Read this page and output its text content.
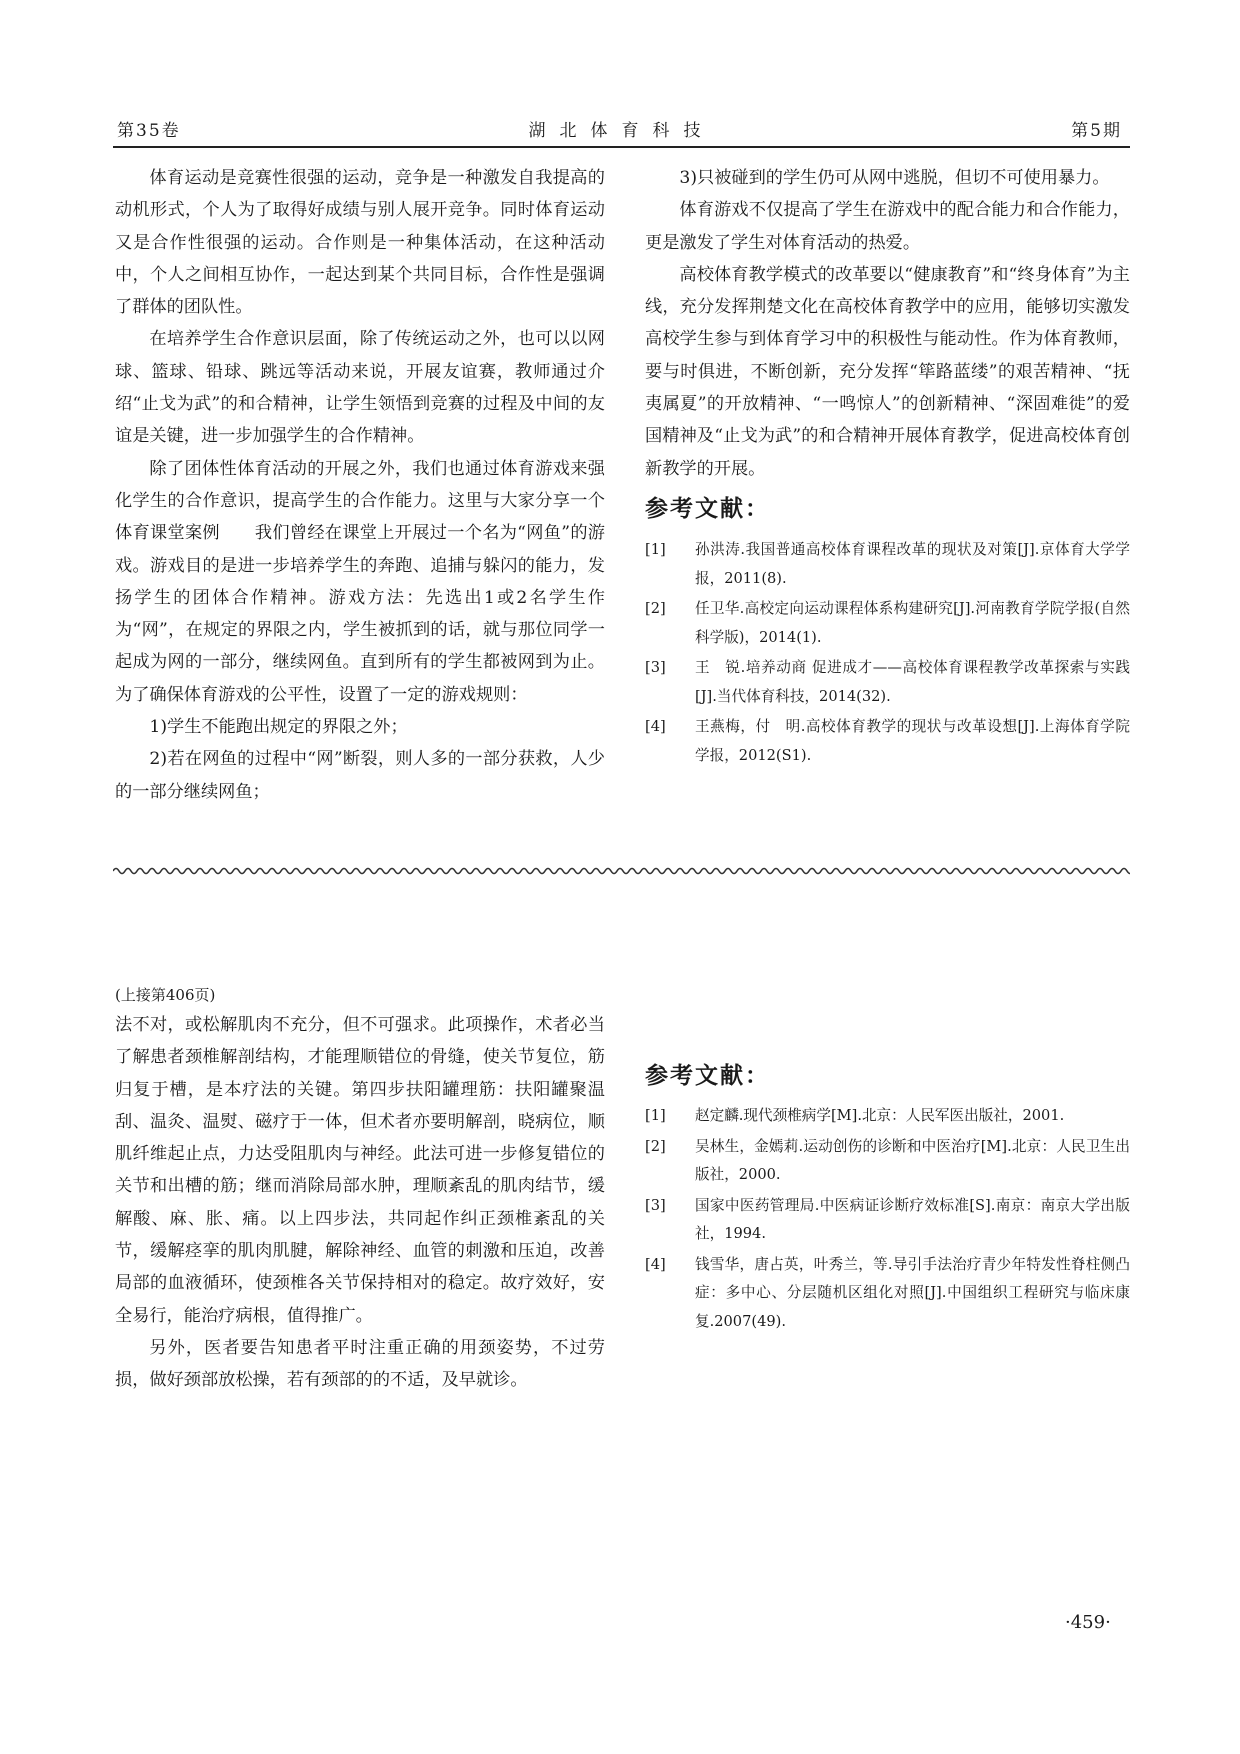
第35卷	湖北体育科技	第5期

体育运动是竞赛性很强的运动，竞争是一种激发自我提高的动机形式，个人为了取得好成绩与别人展开竞争。同时体育运动又是合作性很强的运动。合作则是一种集体活动，在这种活动中，个人之间相互协作，一起达到某个共同目标，合作性是强调了群体的团队性。

在培养学生合作意识层面，除了传统运动之外，也可以以网球、篮球、铅球、跳远等活动来说，开展友谊赛，教师通过介绍“止戈为武”的和合精神，让学生领悟到竞赛的过程及中间的友谊是关键，进一步加强学生的合作精神。

除了团体性体育活动的开展之外，我们也通过体育游戏来强化学生的合作意识，提高学生的合作能力。这里与大家分享一个体育课堂案例　　我们曾经在课堂上开展过一个名为“网鱼”的游戏。游戏目的是进一步培养学生的奔跑、追捕与躲闪的能力，发扬学生的团体合作精神。游戏方法：先选出1或2名学生作为“网”，在规定的界限之内，学生被抓到的话，就与那位同学一起成为网的一部分，继续网鱼。直到所有的学生都被网到为止。为了确保体育游戏的公平性，设置了一定的游戏规则：

1)学生不能跑出规定的界限之外；

2)若在网鱼的过程中“网”断裂，则人多的一部分获救，人少的一部分继续网鱼；

3)只被碰到的学生仍可从网中逃脱，但切不可使用暴力。

体育游戏不仅提高了学生在游戏中的配合能力和合作能力，更是激发了学生对体育活动的热爱。

高校体育教学模式的改革要以“健康教育”和“终身体育”为主线，充分发挥荆楚文化在高校体育教学中的应用，能够切实激发高校学生参与到体育学习中的积极性与能动性。作为体育教师，要与时俱进，不断创新，充分发挥“筚路蓝缕”的艰苦精神、“抚夷属夏”的开放精神、“一鸣惊人”的创新精神、“深固难徙”的爱国精神及“止戈为武”的和合精神开展体育教学，促进高校体育创新教学的开展。

参考文献：
[1] 孙洪涛.我国普通高校体育课程改革的现状及对策[J].京体育大学学报，2011(8).
[2] 任卫华.高校定向运动课程体系构建研究[J].河南教育学院学报(自然科学版)，2014(1).
[3] 王　锐.培养动商 促进成才——高校体育课程教学改革探索与实践[J].当代体育科技，2014(32).
[4] 王燕梅，付　明.高校体育教学的现状与改革设想[J].上海体育学院学报，2012(S1).
(上接第406页)

法不对，或松解肌肉不充分，但不可强求。此项操作，术者必当了解患者颈椎解剖结构，才能理顺错位的骨缝，使关节复位，筋归复于槽，是本疗法的关键。第四步扶阳罐理筋：扶阳罐聚温刮、温灸、温熨、磁疗于一体，但术者亦要明解剖，晓病位，顺肌纤维起止点，力达受阻肌肉与神经。此法可进一步修复错位的关节和出槽的筋；继而消除局部水肿，理顺紊乱的肌肉结节，缓解酸、麻、胀、痛。以上四步法，共同起作纠正颈椎紊乱的关节，缓解痉挛的肌肉肌腱，解除神经、血管的刺激和压迫，改善局部的血液循环，使颈椎各关节保持相对的稳定。故疗效好，安全易行，能治疗病根，值得推广。

另外，医者要告知患者平时注重正确的用颈姿势，不过劳损，做好颈部放松操，若有颈部的的不适，及早就诊。

参考文献：
[1] 赵定麟.现代颈椎病学[M].北京：人民军医出版社，2001.
[2] 吴林生，金嫣莉.运动创伤的诊断和中医治疗[M].北京：人民卫生出版社，2000.
[3] 国家中医药管理局.中医病证诊断疗效标准[S].南京：南京大学出版社，1994.
[4] 钱雪华，唐占英，叶秀兰，等.导引手法治疗青少年特发性脊柱侧凸症：多中心、分层随机区组化对照[J].中国组织工程研究与临床康复.2007(49).
·459·
